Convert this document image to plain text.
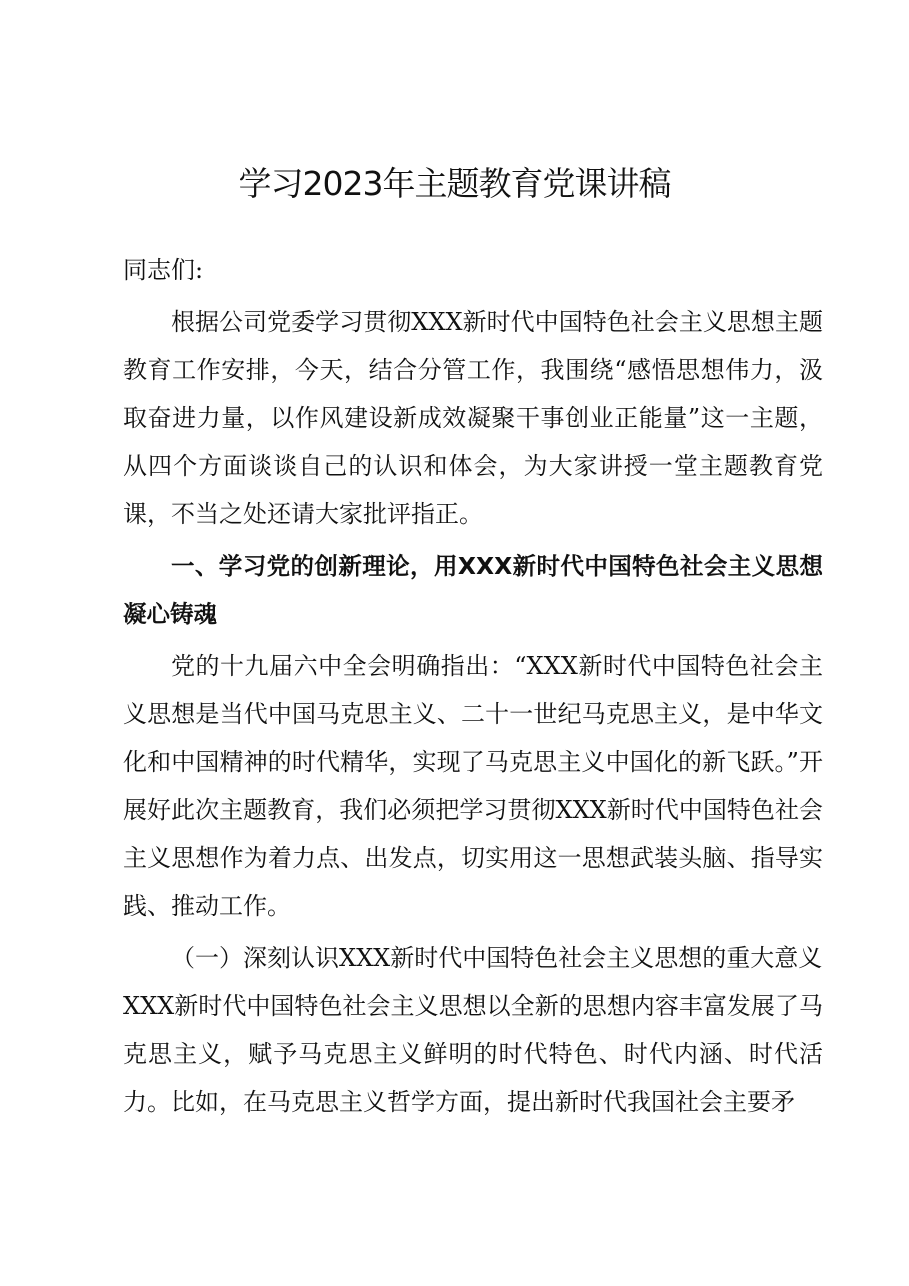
学习2023年主题教育党课讲稿

同志们:

根据公司党委学习贯彻XXX新时代中国特色社会主义思想主题教育工作安排，今天，结合分管工作，我围绕“感悟思想伟力，汲取奋进力量，以作风建设新成效凝聚干事创业正能量”这一主题，从四个方面谈谈自己的认识和体会，为大家讲授一堂主题教育党课，不当之处还请大家批评指正。

一、学习党的创新理论，用XXX新时代中国特色社会主义思想凝心铸魂

党的十九届六中全会明确指出：“XXX新时代中国特色社会主义思想是当代中国马克思主义、二十一世纪马克思主义，是中华文化和中国精神的时代精华，实现了马克思主义中国化的新飞跃。”开展好此次主题教育，我们必须把学习贯彻XXX新时代中国特色社会主义思想作为着力点、出发点，切实用这一思想武装头脑、指导实践、推动工作。

（一）深刻认识XXX新时代中国特色社会主义思想的重大意义

XXX新时代中国特色社会主义思想以全新的思想内容丰富发展了马克思主义，赋予马克思主义鲜明的时代特色、时代内涵、时代活力。比如，在马克思主义哲学方面，提出新时代我国社会主要矛
